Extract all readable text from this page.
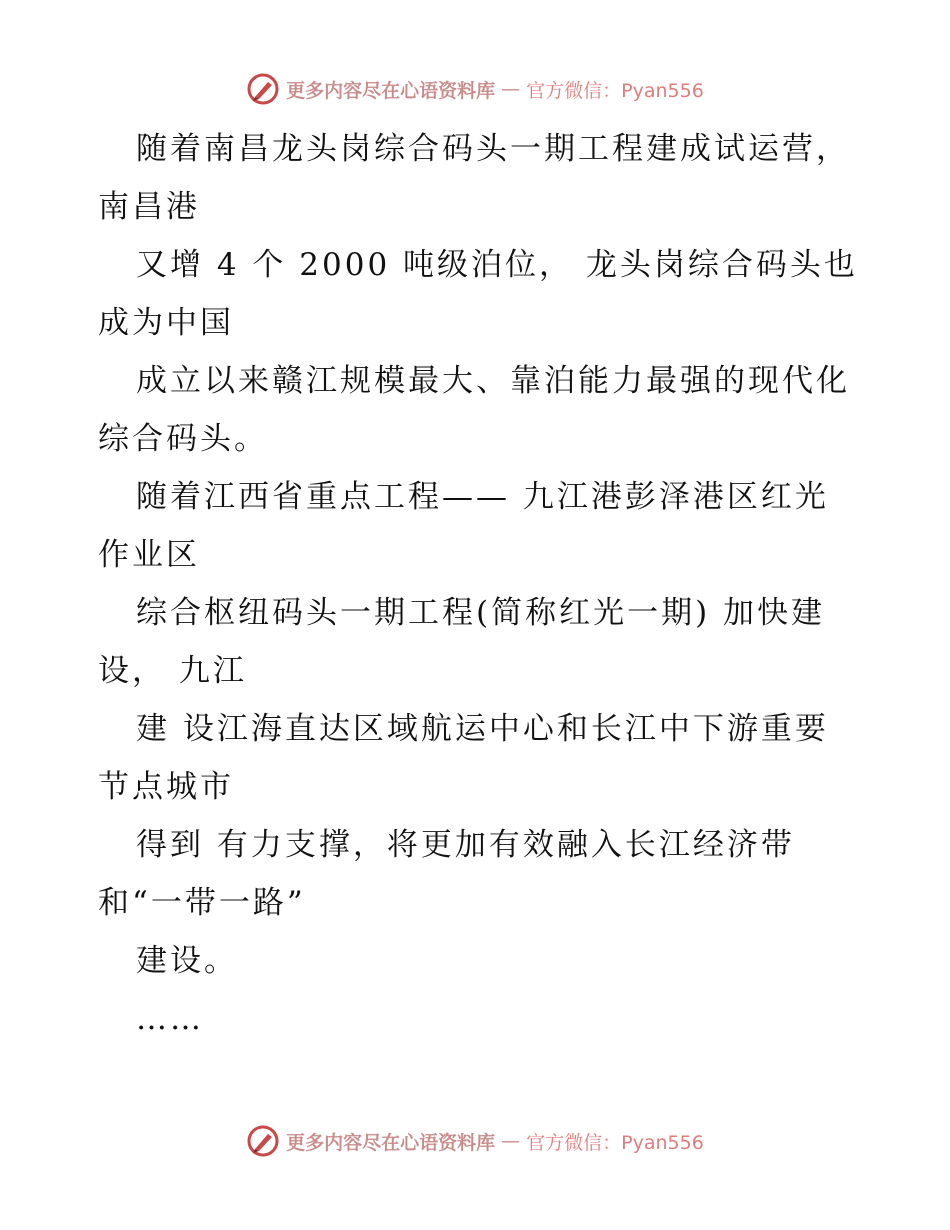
更多内容尽在心语资料库 — 官方微信：Pyan556

随着南昌龙头岗综合码头一期工程建成试运营，南昌港

又增 4 个 2000 吨级泊位， 龙头岗综合码头也成为中国

成立以来赣江规模最大、靠泊能力最强的现代化综合码头。

随着江西省重点工程—— 九江港彭泽港区红光作业区

综合枢纽码头一期工程(简称红光一期) 加快建设， 九江

建 设江海直达区域航运中心和长江中下游重要节点城市

得到 有力支撑，将更加有效融入长江经济带 和“一带一路”

建设。

……

更多内容尽在心语资料库 — 官方微信：Pyan556
